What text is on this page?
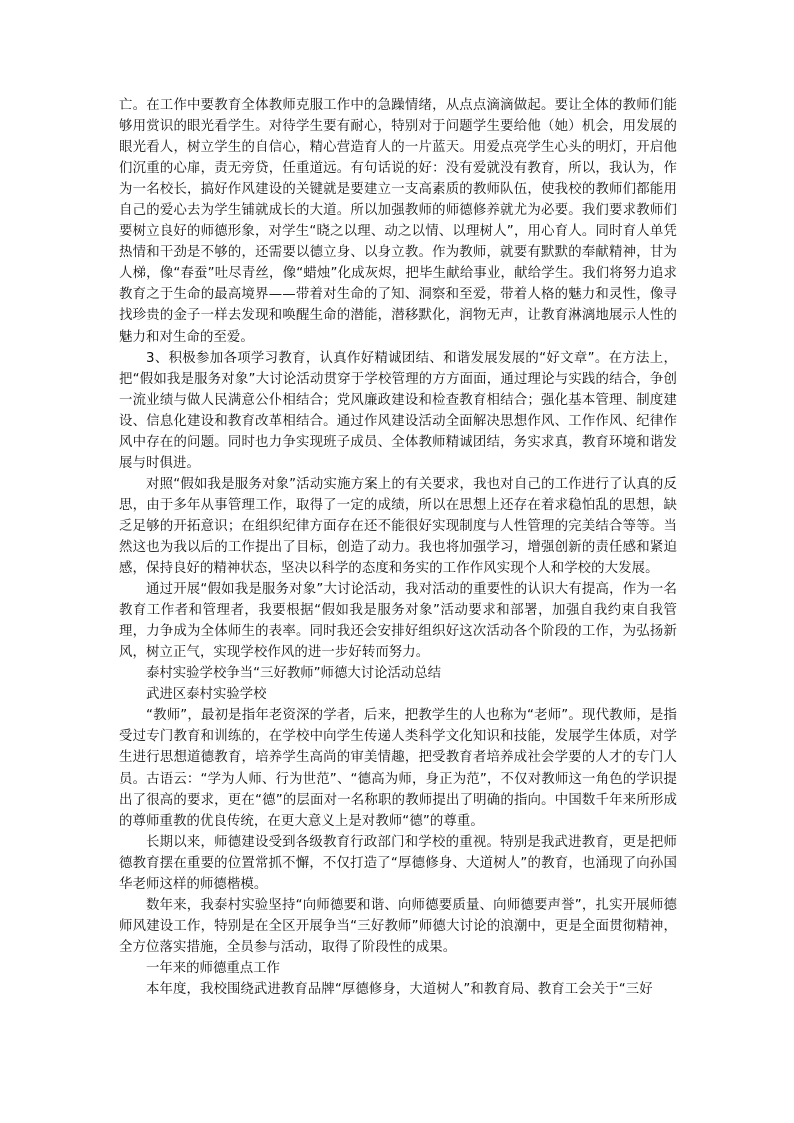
亡。在工作中要教育全体教师克服工作中的急躁情绪，从点点滴滴做起。要让全体的教师们能够用赏识的眼光看学生。对待学生要有耐心，特别对于问题学生要给他（她）机会，用发展的眼光看人，树立学生的自信心，精心营造育人的一片蓝天。用爱点亮学生心头的明灯，开启他们沉重的心扉，责无旁贷，任重道远。有句话说的好：没有爱就没有教育，所以，我认为，作为一名校长，搞好作风建设的关键就是要建立一支高素质的教师队伍，使我校的教师们都能用自己的爱心去为学生铺就成长的大道。所以加强教师的师德修养就尤为必要。我们要求教师们要树立良好的师德形象，对学生“晓之以理、动之以情、以理树人”，用心育人。同时育人单凭热情和干劲是不够的，还需要以德立身、以身立教。作为教师，就要有默默的奉献精神，甘为人梯，像“春蚕”吐尽青丝，像“蜡烛”化成灰烬，把毕生献给事业，献给学生。我们将努力追求教育之于生命的最高境界——带着对生命的了知、洞察和至爱，带着人格的魅力和灵性，像寻找珍贵的金子一样去发现和唤醒生命的潜能，潜移默化，润物无声，让教育淋漓地展示人性的魅力和对生命的至爱。

3、积极参加各项学习教育，认真作好精诚团结、和谐发展发展的“好文章”。在方法上，把“假如我是服务对象”大讨论活动贯穿于学校管理的方方面面，通过理论与实践的结合，争创一流业绩与做人民满意公仆相结合；党风廉政建设和检查教育相结合；强化基本管理、制度建设、信息化建设和教育改革相结合。通过作风建设活动全面解决思想作风、工作作风、纪律作风中存在的问题。同时也力争实现班子成员、全体教师精诚团结，务实求真，教育环境和谐发展与时俱进。

对照“假如我是服务对象”活动实施方案上的有关要求，我也对自己的工作进行了认真的反思，由于多年从事管理工作，取得了一定的成绩，所以在思想上还存在着求稳怕乱的思想，缺乏足够的开拓意识；在组织纪律方面存在还不能很好实现制度与人性管理的完美结合等等。当然这也为我以后的工作提出了目标，创造了动力。我也将加强学习，增强创新的责任感和紧迫感，保持良好的精神状态，坚决以科学的态度和务实的工作作风实现个人和学校的大发展。

通过开展“假如我是服务对象”大讨论活动，我对活动的重要性的认识大有提高，作为一名教育工作者和管理者，我要根据“假如我是服务对象”活动要求和部署，加强自我约束自我管理，力争成为全体师生的表率。同时我还会安排好组织好这次活动各个阶段的工作，为弘扬新风，树立正气，实现学校作风的进一步好转而努力。

泰村实验学校争当“三好教师”师德大讨论活动总结

武进区泰村实验学校

“教师”，最初是指年老资深的学者，后来，把教学生的人也称为“老师”。现代教师，是指受过专门教育和训练的，在学校中向学生传递人类科学文化知识和技能，发展学生体质，对学生进行思想道德教育，培养学生高尚的审美情趣，把受教育者培养成社会学要的人才的专门人员。古语云：“学为人师、行为世范”、“德高为师，身正为范”，不仅对教师这一角色的学识提出了很高的要求，更在“德”的层面对一名称职的教师提出了明确的指向。中国数千年来所形成的尊师重教的优良传统，在更大意义上是对教师“德”的尊重。

长期以来，师德建设受到各级教育行政部门和学校的重视。特别是我武进教育，更是把师德教育摆在重要的位置常抓不懈，不仅打造了“厚德修身、大道树人”的教育，也涌现了向孙国华老师这样的师德楷模。

数年来，我泰村实验坚持“向师德要和谐、向师德要质量、向师德要声誉”，扎实开展师德师风建设工作，特别是在全区开展争当“三好教师”师德大讨论的浪潮中，更是全面贯彻精神，全方位落实措施，全员参与活动，取得了阶段性的成果。

一年来的师德重点工作

本年度，我校围绕武进教育品牌“厚德修身，大道树人”和教育局、教育工会关于“三好
